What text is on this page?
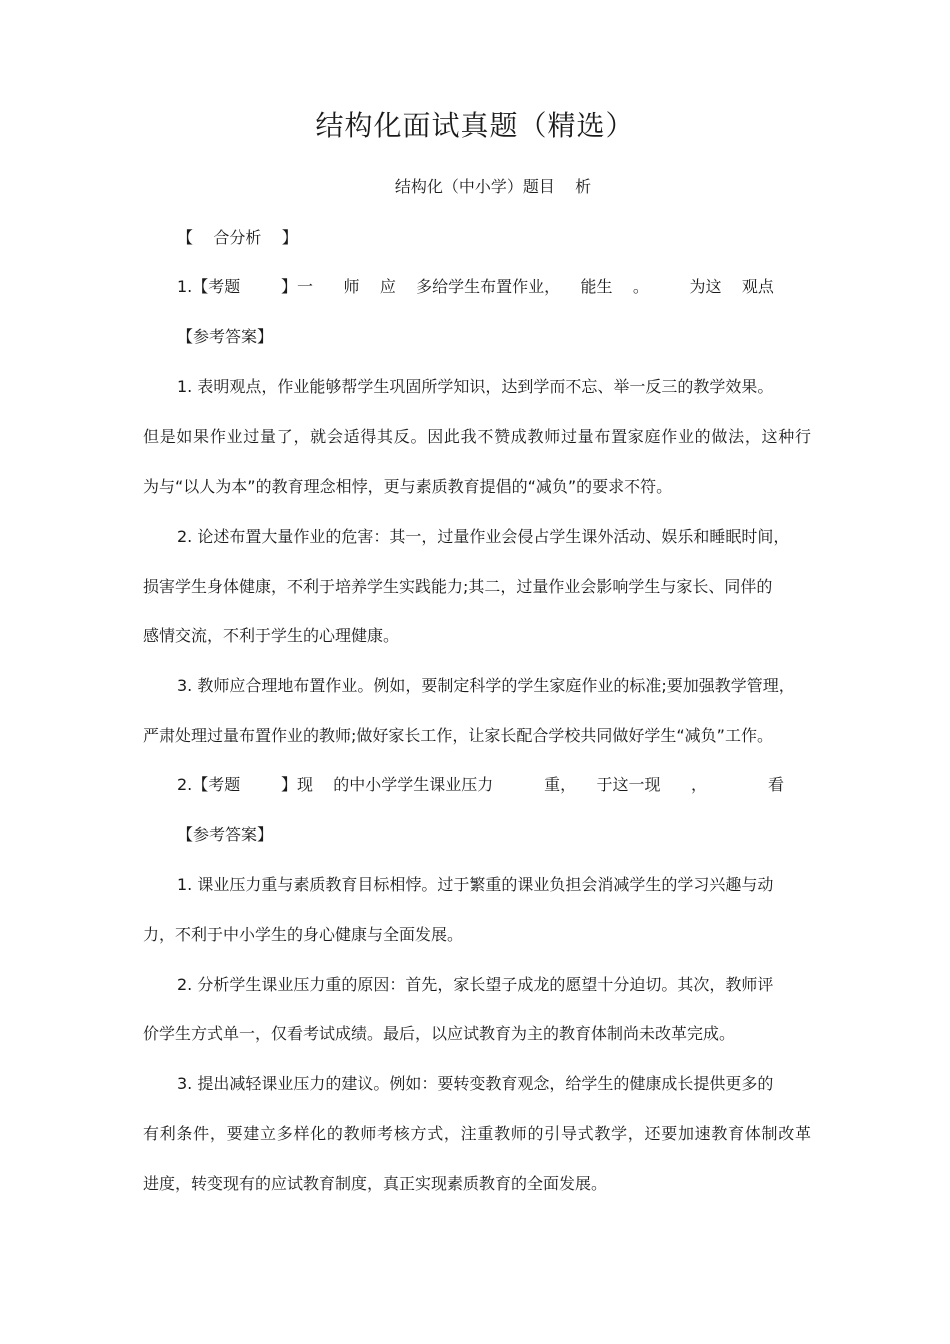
结构化面试真题（精选）
结构化（中小学）题目    析
【    合分析    】
1.【考题        】一      师    应    多给学生布置作业，    能生    。        为这    观点
【参考答案】
1. 表明观点，作业能够帮学生巩固所学知识，达到学而不忘、举一反三的教学效果。
但是如果作业过量了，就会适得其反。因此我不赞成教师过量布置家庭作业的做法，这种行
为与“以人为本”的教育理念相悖，更与素质教育提倡的“减负”的要求不符。
2. 论述布置大量作业的危害：其一，过量作业会侵占学生课外活动、娱乐和睡眠时间，
损害学生身体健康，不利于培养学生实践能力;其二，过量作业会影响学生与家长、同伴的
感情交流，不利于学生的心理健康。
3. 教师应合理地布置作业。例如，要制定科学的学生家庭作业的标准;要加强教学管理，
严肃处理过量布置作业的教师;做好家长工作，让家长配合学校共同做好学生“减负”工作。
2.【考题        】现    的中小学学生课业压力          重，    于这一现      ，            看
【参考答案】
1. 课业压力重与素质教育目标相悖。过于繁重的课业负担会消减学生的学习兴趣与动
力，不利于中小学生的身心健康与全面发展。
2. 分析学生课业压力重的原因：首先，家长望子成龙的愿望十分迫切。其次，教师评
价学生方式单一，仅看考试成绩。最后，以应试教育为主的教育体制尚未改革完成。
3. 提出减轻课业压力的建议。例如：要转变教育观念，给学生的健康成长提供更多的
有利条件，要建立多样化的教师考核方式，注重教师的引导式教学，还要加速教育体制改革
进度，转变现有的应试教育制度，真正实现素质教育的全面发展。
